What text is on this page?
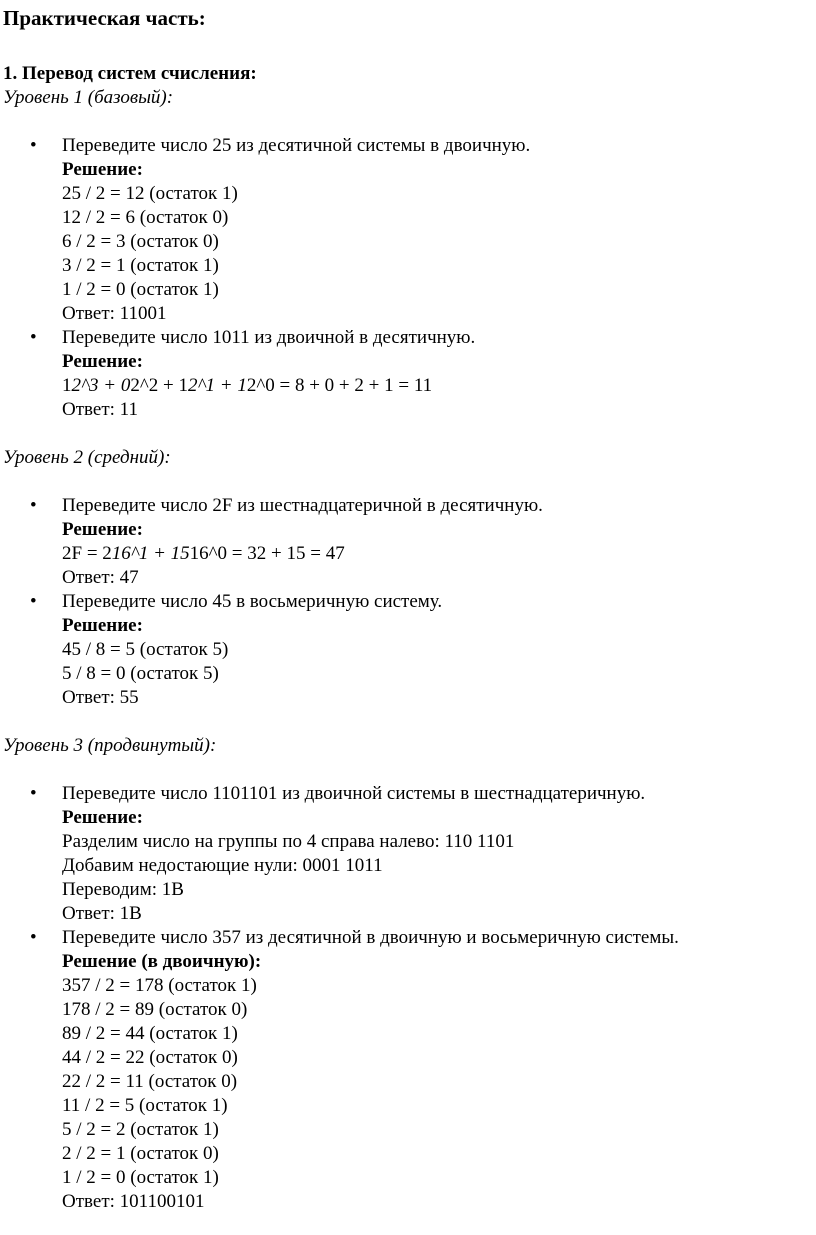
Практическая часть:
1. Перевод систем счисления:
Уровень 1 (базовый):
• Переведите число 25 из десятичной системы в двоичную.
Решение:
25 / 2 = 12 (остаток 1)
12 / 2 = 6 (остаток 0)
6 / 2 = 3 (остаток 0)
3 / 2 = 1 (остаток 1)
1 / 2 = 0 (остаток 1)
Ответ: 11001
• Переведите число 1011 из двоичной в десятичную.
Решение:
12^3 + 02^2 + 12^1 + 12^0 = 8 + 0 + 2 + 1 = 11
Ответ: 11
Уровень 2 (средний):
• Переведите число 2F из шестнадцатеричной в десятичную.
Решение:
2F = 216^1 + 1516^0 = 32 + 15 = 47
Ответ: 47
• Переведите число 45 в восьмеричную систему.
Решение:
45 / 8 = 5 (остаток 5)
5 / 8 = 0 (остаток 5)
Ответ: 55
Уровень 3 (продвинутый):
• Переведите число 1101101 из двоичной системы в шестнадцатеричную.
Решение:
Разделим число на группы по 4 справа налево: 110 1101
Добавим недостающие нули: 0001 1011
Переводим: 1B
Ответ: 1B
• Переведите число 357 из десятичной в двоичную и восьмеричную системы.
Решение (в двоичную):
357 / 2 = 178 (остаток 1)
178 / 2 = 89 (остаток 0)
89 / 2 = 44 (остаток 1)
44 / 2 = 22 (остаток 0)
22 / 2 = 11 (остаток 0)
11 / 2 = 5 (остаток 1)
5 / 2 = 2 (остаток 1)
2 / 2 = 1 (остаток 0)
1 / 2 = 0 (остаток 1)
Ответ: 101100101
